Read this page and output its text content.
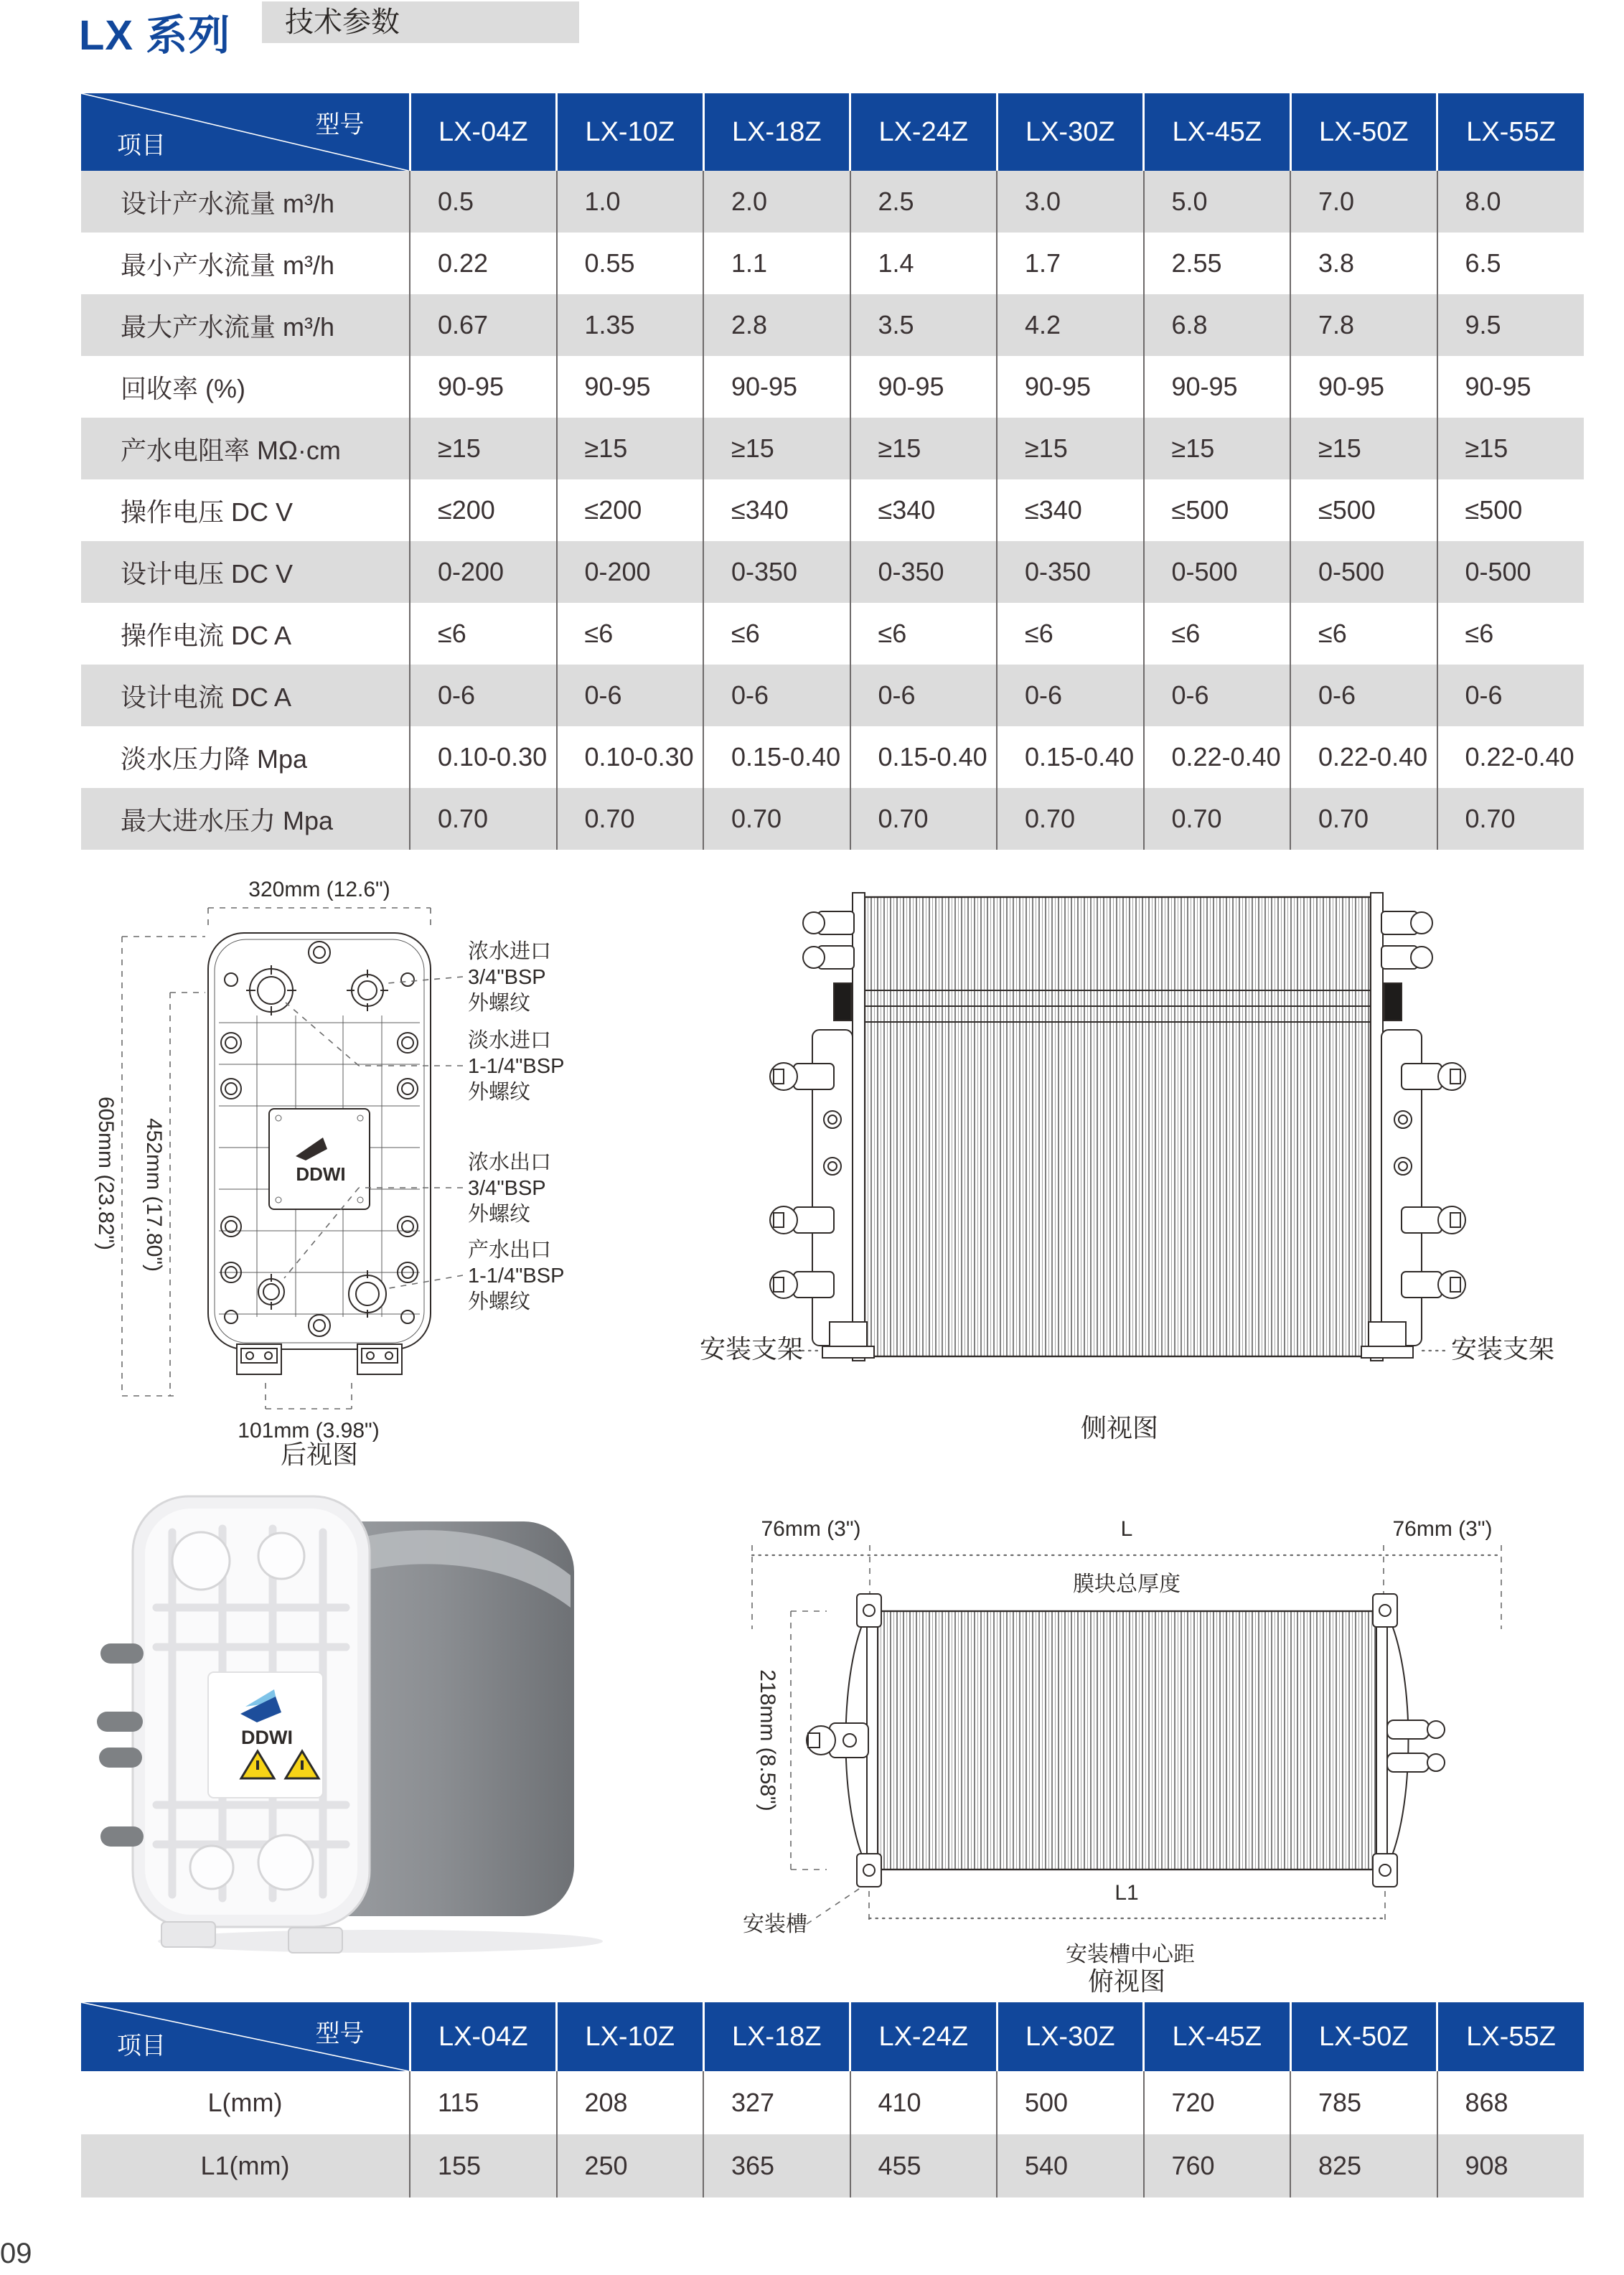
LX 系列	技术参数
型号
项目	LX-04Z	LX-10Z	LX-18Z	LX-24Z	LX-30Z	LX-45Z	LX-50Z	LX-55Z
设计产水流量 m³/h	0.5	1.0	2.0	2.5	3.0	5.0	7.0	8.0
最小产水流量 m³/h	0.22	0.55	1.1	1.4	1.7	2.55	3.8	6.5
最大产水流量 m³/h	0.67	1.35	2.8	3.5	4.2	6.8	7.8	9.5
回收率 (%)	90-95	90-95	90-95	90-95	90-95	90-95	90-95	90-95
产水电阻率 MΩ·cm	≥15	≥15	≥15	≥15	≥15	≥15	≥15	≥15
操作电压 DC V	≤200	≤200	≤340	≤340	≤340	≤500	≤500	≤500
设计电压 DC V	0-200	0-200	0-350	0-350	0-350	0-500	0-500	0-500
操作电流 DC A	≤6	≤6	≤6	≤6	≤6	≤6	≤6	≤6
设计电流 DC A	0-6	0-6	0-6	0-6	0-6	0-6	0-6	0-6
淡水压力降 Mpa	0.10-0.30	0.10-0.30	0.15-0.40	0.15-0.40	0.15-0.40	0.22-0.40	0.22-0.40	0.22-0.40
最大进水压力 Mpa	0.70	0.70	0.70	0.70	0.70	0.70	0.70	0.70
320mm (12.6")
605mm (23.82") 452mm (17.80")	DDWI
101mm (3.98")
后视图
浓水进口
3/4"BSP
外螺纹
淡水进口
1-1/4"BSP
外螺纹
浓水出口
3/4"BSP
外螺纹
产水出口
1-1/4"BSP
外螺纹
安装支架	安装支架
侧视图
DDWI
76mm (3")	L	76mm (3")
膜块总厚度
218mm (8.58")
L1
安装槽
安装槽中心距
俯视图
型号
项目	LX-04Z	LX-10Z	LX-18Z	LX-24Z	LX-30Z	LX-45Z	LX-50Z	LX-55Z
L(mm)	115	208	327	410	500	720	785	868
L1(mm)	155	250	365	455	540	760	825	908
09
